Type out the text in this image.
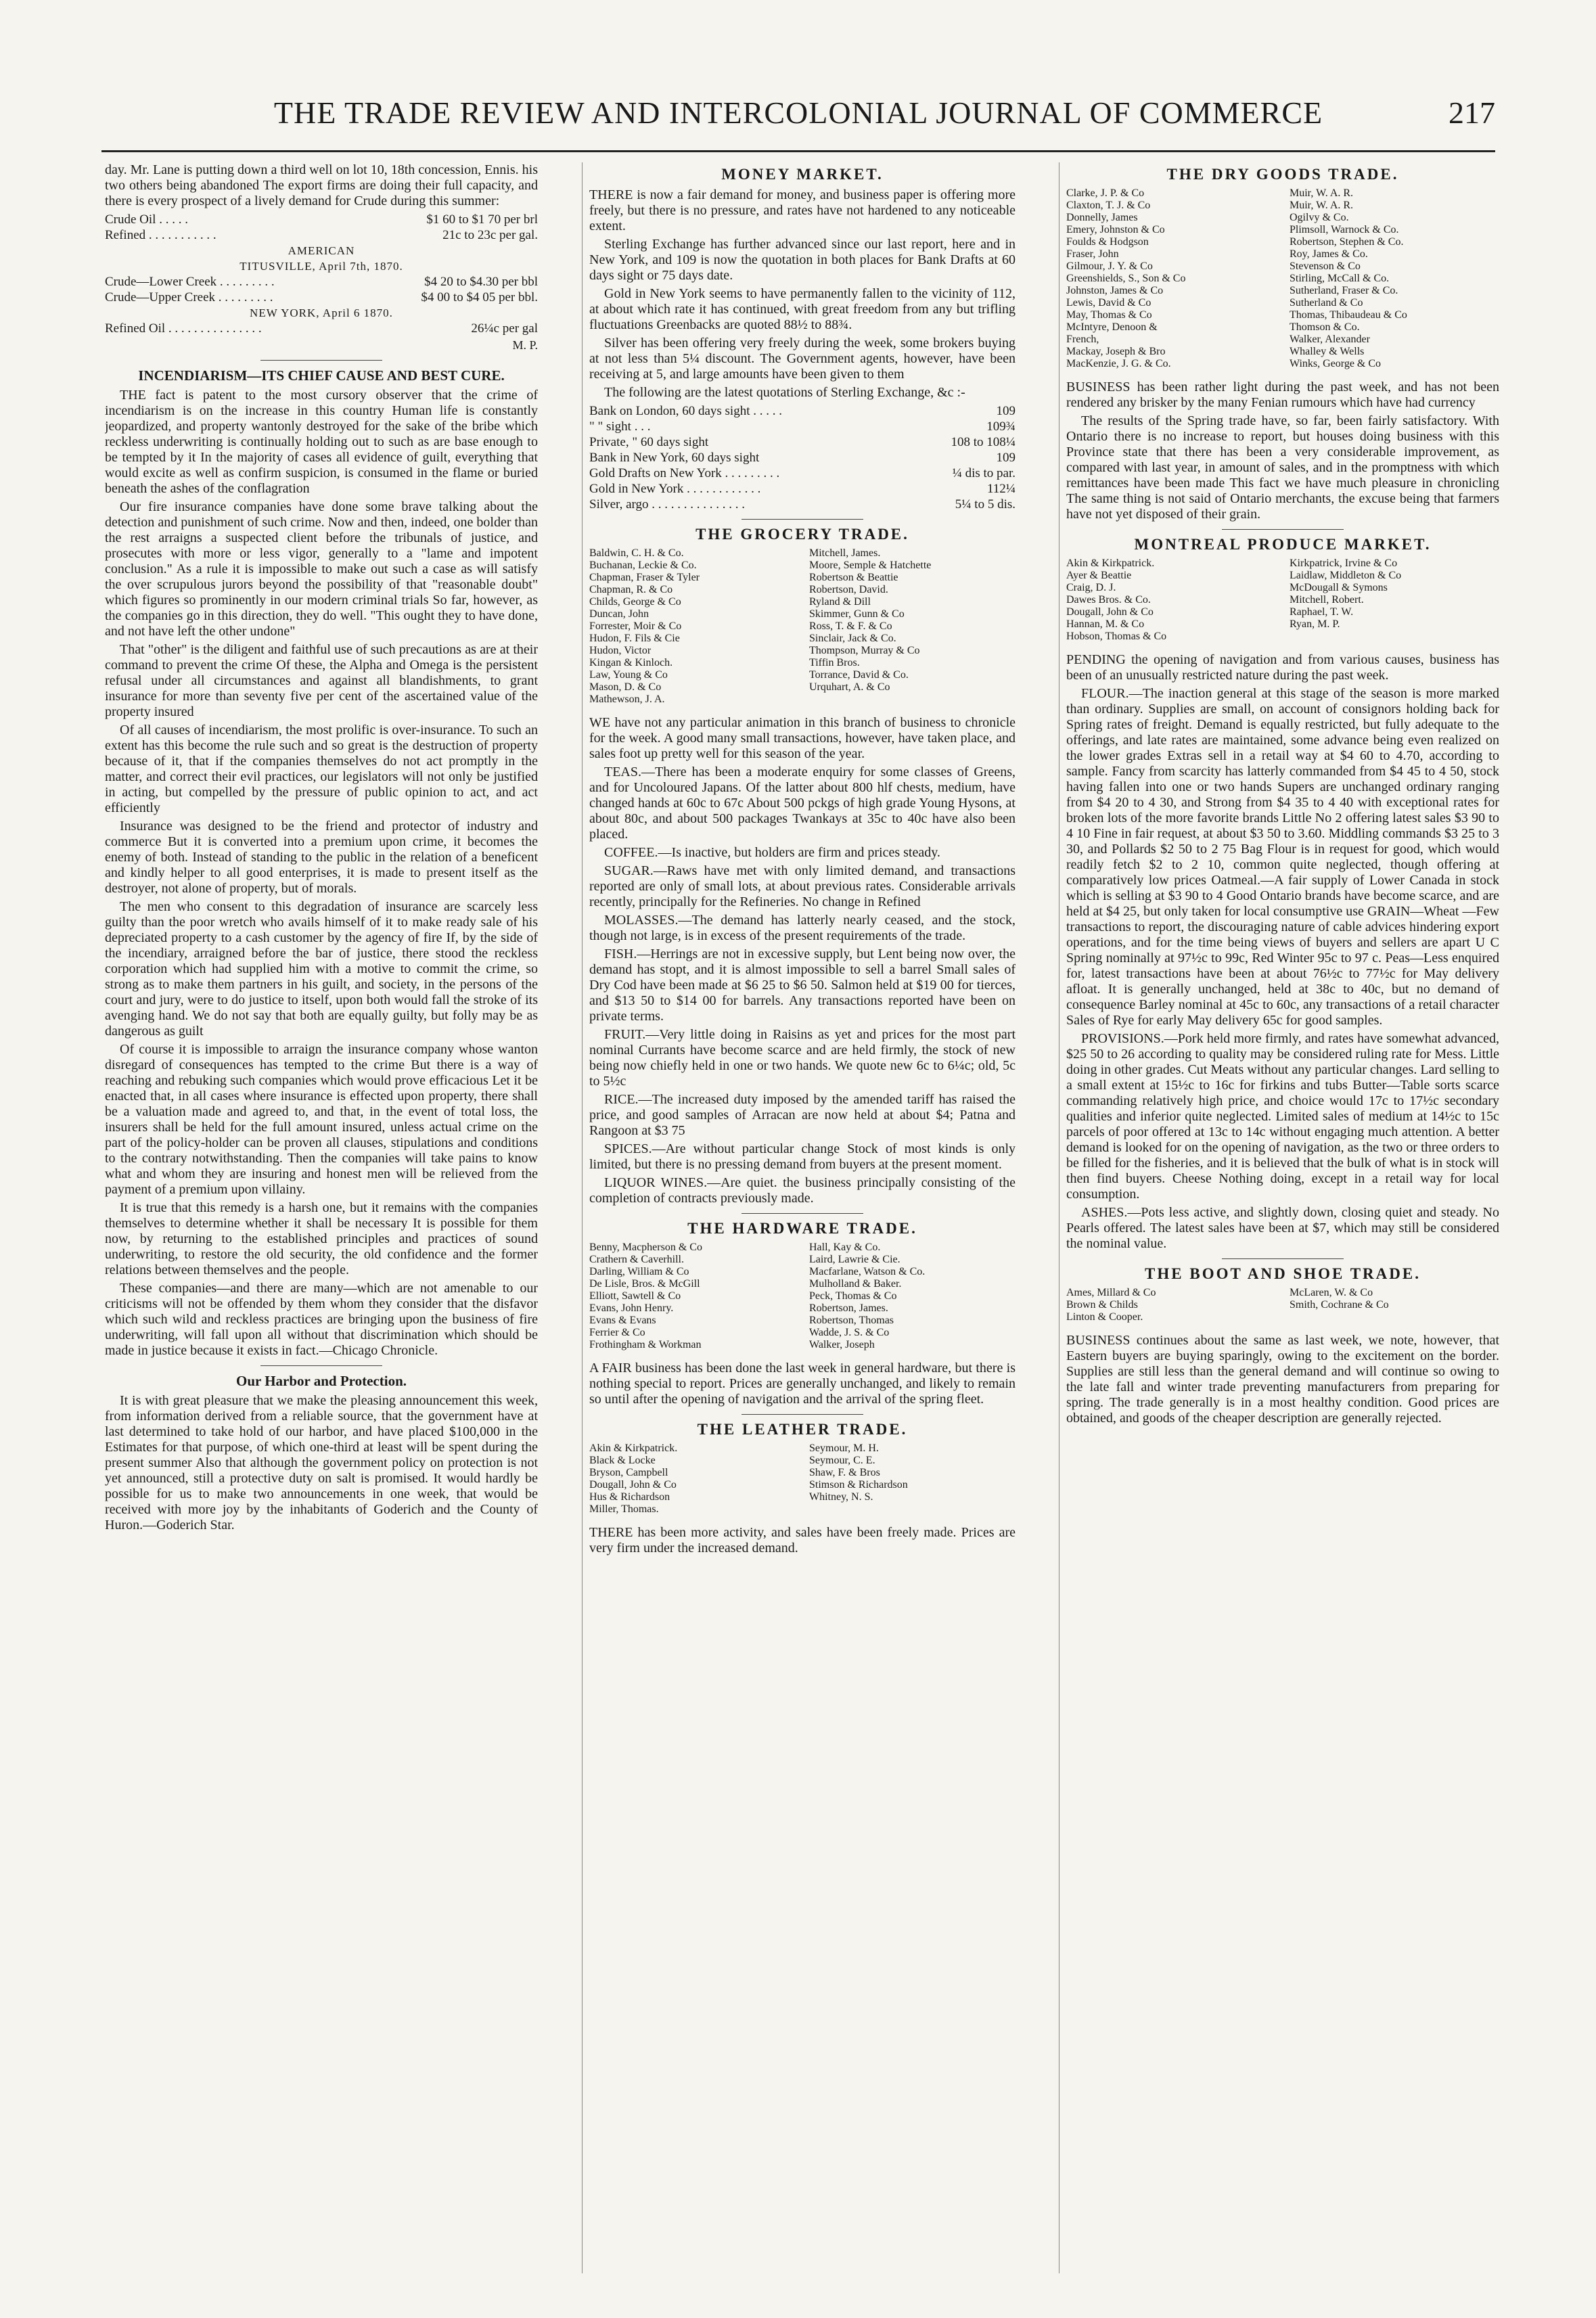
THE TRADE REVIEW AND INTERCOLONIAL JOURNAL OF COMMERCE	217

day. Mr. Lane is putting down a third well on lot 10, 18th concession, Ennis. his two others being abandoned The export firms are doing their full capacity, and there is every prospect of a lively demand for Crude during this summer:

Crude Oil . . . . .	$1 60 to $1 70 per brl
Refined . . . . . . . . . . .	21c to 23c per gal.
AMERICAN
TITUSVILLE, April 7th, 1870.
Crude—Lower Creek . . . . . . . . .	$4 20 to $4.30 per bbl
Crude—Upper Creek . . . . . . . . .	$4 00 to $4 05 per bbl.
NEW YORK, April 6 1870.
Refined Oil . . . . . . . . . . . . . . .	26¼c per gal
M. P.
INCENDIARISM—ITS CHIEF CAUSE AND BEST CURE.

THE fact is patent to the most cursory observer that the crime of incendiarism is on the increase in this country Human life is constantly jeopardized, and property wantonly destroyed for the sake of the bribe which reckless underwriting is continually holding out to such as are base enough to be tempted by it In the majority of cases all evidence of guilt, everything that would excite as well as confirm suspicion, is consumed in the flame or buried beneath the ashes of the conflagration

Our fire insurance companies have done some brave talking about the detection and punishment of such crime. Now and then, indeed, one bolder than the rest arraigns a suspected client before the tribunals of justice, and prosecutes with more or less vigor, generally to a "lame and impotent conclusion." As a rule it is impossible to make out such a case as will satisfy the over scrupulous jurors beyond the possibility of that "reasonable doubt" which figures so prominently in our modern criminal trials So far, however, as the companies go in this direction, they do well. "This ought they to have done, and not have left the other undone"

That "other" is the diligent and faithful use of such precautions as are at their command to prevent the crime Of these, the Alpha and Omega is the persistent refusal under all circumstances and against all blandishments, to grant insurance for more than seventy five per cent of the ascertained value of the property insured

Of all causes of incendiarism, the most prolific is over-insurance. To such an extent has this become the rule such and so great is the destruction of property because of it, that if the companies themselves do not act promptly in the matter, and correct their evil practices, our legislators will not only be justified in acting, but compelled by the pressure of public opinion to act, and act efficiently

Insurance was designed to be the friend and protector of industry and commerce But it is converted into a premium upon crime, it becomes the enemy of both. Instead of standing to the public in the relation of a beneficent and kindly helper to all good enterprises, it is made to present itself as the destroyer, not alone of property, but of morals.

The men who consent to this degradation of insurance are scarcely less guilty than the poor wretch who avails himself of it to make ready sale of his depreciated property to a cash customer by the agency of fire If, by the side of the incendiary, arraigned before the bar of justice, there stood the reckless corporation which had supplied him with a motive to commit the crime, so strong as to make them partners in his guilt, and society, in the persons of the court and jury, were to do justice to itself, upon both would fall the stroke of its avenging hand. We do not say that both are equally guilty, but folly may be as dangerous as guilt

Of course it is impossible to arraign the insurance company whose wanton disregard of consequences has tempted to the crime But there is a way of reaching and rebuking such companies which would prove efficacious Let it be enacted that, in all cases where insurance is effected upon property, there shall be a valuation made and agreed to, and that, in the event of total loss, the insurers shall be held for the full amount insured, unless actual crime on the part of the policy-holder can be proven all clauses, stipulations and conditions to the contrary notwithstanding. Then the companies will take pains to know what and whom they are insuring and honest men will be relieved from the payment of a premium upon villainy.

It is true that this remedy is a harsh one, but it remains with the companies themselves to determine whether it shall be necessary It is possible for them now, by returning to the established principles and practices of sound underwriting, to restore the old security, the old confidence and the former relations between themselves and the people.

These companies—and there are many—which are not amenable to our criticisms will not be offended by them whom they consider that the disfavor which such wild and reckless practices are bringing upon the business of fire underwriting, will fall upon all without that discrimination which should be made in justice because it exists in fact.—Chicago Chronicle.

Our Harbor and Protection.

It is with great pleasure that we make the pleasing announcement this week, from information derived from a reliable source, that the government have at last determined to take hold of our harbor, and have placed $100,000 in the Estimates for that purpose, of which one-third at least will be spent during the present summer Also that although the government policy on protection is not yet announced, still a protective duty on salt is promised. It would hardly be possible for us to make two announcements in one week, that would be received with more joy by the inhabitants of Goderich and the County of Huron.—Goderich Star.

MONEY MARKET.

THERE is now a fair demand for money, and business paper is offering more freely, but there is no pressure, and rates have not hardened to any noticeable extent.

Sterling Exchange has further advanced since our last report, here and in New York, and 109 is now the quotation in both places for Bank Drafts at 60 days sight or 75 days date.

Gold in New York seems to have permanently fallen to the vicinity of 112, at about which rate it has continued, with great freedom from any but trifling fluctuations Greenbacks are quoted 88½ to 88¾.

Silver has been offering very freely during the week, some brokers buying at not less than 5¼ discount. The Government agents, however, have been receiving at 5, and large amounts have been given to them

The following are the latest quotations of Sterling Exchange, &c :-

Bank on London, 60 days sight . . . . .	109
" " sight . . .	109¾
Private, " 60 days sight	108 to 108¼
Bank in New York, 60 days sight	109
Gold Drafts on New York . . . . . . . . .	¼ dis to par.
Gold in New York . . . . . . . . . . . .	112¼
Silver, argo . . . . . . . . . . . . . . .	5¼ to 5 dis.
THE GROCERY TRADE.
Baldwin, C. H. & Co.	Mitchell, James.
Buchanan, Leckie & Co.	Moore, Semple & Hatchette
Chapman, Fraser & Tyler	Robertson & Beattie
Chapman, R. & Co	Robertson, David.
Childs, George & Co	Ryland & Dill
Duncan, John	Skimmer, Gunn & Co
Forrester, Moir & Co	Ross, T. & F. & Co
Hudon, F. Fils & Cie	Sinclair, Jack & Co.
Hudon, Victor	Thompson, Murray & Co
Kingan & Kinloch.	Tiffin Bros.
Law, Young & Co	Torrance, David & Co.
Mason, D. & Co	Urquhart, A. & Co
Mathewson, J. A.

WE have not any particular animation in this branch of business to chronicle for the week. A good many small transactions, however, have taken place, and sales foot up pretty well for this season of the year.

TEAS.—There has been a moderate enquiry for some classes of Greens, and for Uncoloured Japans. Of the latter about 800 hlf chests, medium, have changed hands at 60c to 67c About 500 pckgs of high grade Young Hysons, at about 80c, and about 500 packages Twankays at 35c to 40c have also been placed.

COFFEE.—Is inactive, but holders are firm and prices steady.

SUGAR.—Raws have met with only limited demand, and transactions reported are only of small lots, at about previous rates. Considerable arrivals recently, principally for the Refineries. No change in Refined

MOLASSES.—The demand has latterly nearly ceased, and the stock, though not large, is in excess of the present requirements of the trade.

FISH.—Herrings are not in excessive supply, but Lent being now over, the demand has stopt, and it is almost impossible to sell a barrel Small sales of Dry Cod have been made at $6 25 to $6 50. Salmon held at $19 00 for tierces, and $13 50 to $14 00 for barrels. Any transactions reported have been on private terms.

FRUIT.—Very little doing in Raisins as yet and prices for the most part nominal Currants have become scarce and are held firmly, the stock of new being now chiefly held in one or two hands. We quote new 6c to 6¼c; old, 5c to 5½c

RICE.—The increased duty imposed by the amended tariff has raised the price, and good samples of Arracan are now held at about $4; Patna and Rangoon at $3 75

SPICES.—Are without particular change Stock of most kinds is only limited, but there is no pressing demand from buyers at the present moment.

LIQUOR WINES.—Are quiet. the business principally consisting of the completion of contracts previously made.

THE HARDWARE TRADE.
Benny, Macpherson & Co	Hall, Kay & Co.
Crathern & Caverhill.	Laird, Lawrie & Cie.
Darling, William & Co	Macfarlane, Watson & Co.
De Lisle, Bros. & McGill	Mulholland & Baker.
Elliott, Sawtell & Co	Peck, Thomas & Co
Evans, John Henry.	Robertson, James.
Evans & Evans	Robertson, Thomas
Ferrier & Co	Wadde, J. S. & Co
Frothingham & Workman	Walker, Joseph

A FAIR business has been done the last week in general hardware, but there is nothing special to report. Prices are generally unchanged, and likely to remain so until after the opening of navigation and the arrival of the spring fleet.

THE LEATHER TRADE.
Akin & Kirkpatrick.	Seymour, M. H.
Black & Locke	Seymour, C. E.
Bryson, Campbell	Shaw, F. & Bros
Dougall, John & Co	Stimson & Richardson
Hus & Richardson	Whitney, N. S.
Miller, Thomas.

THERE has been more activity, and sales have been freely made. Prices are very firm under the increased demand.

THE DRY GOODS TRADE.
Clarke, J. P. & Co	Muir, W. A. R.
Claxton, T. J. & Co	Muir, W. A. R.
Donnelly, James	Ogilvy & Co.
Emery, Johnston & Co	Plimsoll, Warnock & Co.
Foulds & Hodgson	Robertson, Stephen & Co.
Fraser, John	Roy, James & Co.
Gilmour, J. Y. & Co	Stevenson & Co
Greenshields, S., Son & Co	Stirling, McCall & Co.
Johnston, James & Co	Sutherland, Fraser & Co.
Lewis, David & Co	Sutherland & Co
May, Thomas & Co	Thomas, Thibaudeau & Co
McIntyre, Denoon &	Thomson & Co.
French,	Walker, Alexander
Mackay, Joseph & Bro	Whalley & Wells
MacKenzie, J. G. & Co.	Winks, George & Co

BUSINESS has been rather light during the past week, and has not been rendered any brisker by the many Fenian rumours which have had currency

The results of the Spring trade have, so far, been fairly satisfactory. With Ontario there is no increase to report, but houses doing business with this Province state that there has been a very considerable improvement, as compared with last year, in amount of sales, and in the promptness with which remittances have been made This fact we have much pleasure in chronicling The same thing is not said of Ontario merchants, the excuse being that farmers have not yet disposed of their grain.

MONTREAL PRODUCE MARKET.
Akin & Kirkpatrick.	Kirkpatrick, Irvine & Co
Ayer & Beattie	Laidlaw, Middleton & Co
Craig, D. J.	McDougall & Symons
Dawes Bros. & Co.	Mitchell, Robert.
Dougall, John & Co	Raphael, T. W.
Hannan, M. & Co	Ryan, M. P.
Hobson, Thomas & Co

PENDING the opening of navigation and from various causes, business has been of an unusually restricted nature during the past week.

FLOUR.—The inaction general at this stage of the season is more marked than ordinary. Supplies are small, on account of consignors holding back for Spring rates of freight. Demand is equally restricted, but fully adequate to the offerings, and late rates are maintained, some advance being even realized on the lower grades Extras sell in a retail way at $4 60 to 4.70, according to sample. Fancy from scarcity has latterly commanded from $4 45 to 4 50, stock having fallen into one or two hands Supers are unchanged ordinary ranging from $4 20 to 4 30, and Strong from $4 35 to 4 40 with exceptional rates for broken lots of the more favorite brands Little No 2 offering latest sales $3 90 to 4 10 Fine in fair request, at about $3 50 to 3.60. Middling commands $3 25 to 3 30, and Pollards $2 50 to 2 75 Bag Flour is in request for good, which would readily fetch $2 to 2 10, common quite neglected, though offering at comparatively low prices Oatmeal.—A fair supply of Lower Canada in stock which is selling at $3 90 to 4 Good Ontario brands have become scarce, and are held at $4 25, but only taken for local consumptive use GRAIN—Wheat —Few transactions to report, the discouraging nature of cable advices hindering export operations, and for the time being views of buyers and sellers are apart U C Spring nominally at 97½c to 99c, Red Winter 95c to 97 c. Peas—Less enquired for, latest transactions have been at about 76½c to 77½c for May delivery afloat. It is generally unchanged, held at 38c to 40c, but no demand of consequence Barley nominal at 45c to 60c, any transactions of a retail character Sales of Rye for early May delivery 65c for good samples.

PROVISIONS.—Pork held more firmly, and rates have somewhat advanced, $25 50 to 26 according to quality may be considered ruling rate for Mess. Little doing in other grades. Cut Meats without any particular changes. Lard selling to a small extent at 15½c to 16c for firkins and tubs Butter—Table sorts scarce commanding relatively high price, and choice would 17c to 17½c secondary qualities and inferior quite neglected. Limited sales of medium at 14½c to 15c parcels of poor offered at 13c to 14c without engaging much attention. A better demand is looked for on the opening of navigation, as the two or three orders to be filled for the fisheries, and it is believed that the bulk of what is in stock will then find buyers. Cheese Nothing doing, except in a retail way for local consumption.

ASHES.—Pots less active, and slightly down, closing quiet and steady. No Pearls offered. The latest sales have been at $7, which may still be considered the nominal value.

THE BOOT AND SHOE TRADE.
Ames, Millard & Co	McLaren, W. & Co
Brown & Childs	Smith, Cochrane & Co
Linton & Cooper.

BUSINESS continues about the same as last week, we note, however, that Eastern buyers are buying sparingly, owing to the excitement on the border. Supplies are still less than the general demand and will continue so owing to the late fall and winter trade preventing manufacturers from preparing for spring. The trade generally is in a most healthy condition. Good prices are obtained, and goods of the cheaper description are generally rejected.
